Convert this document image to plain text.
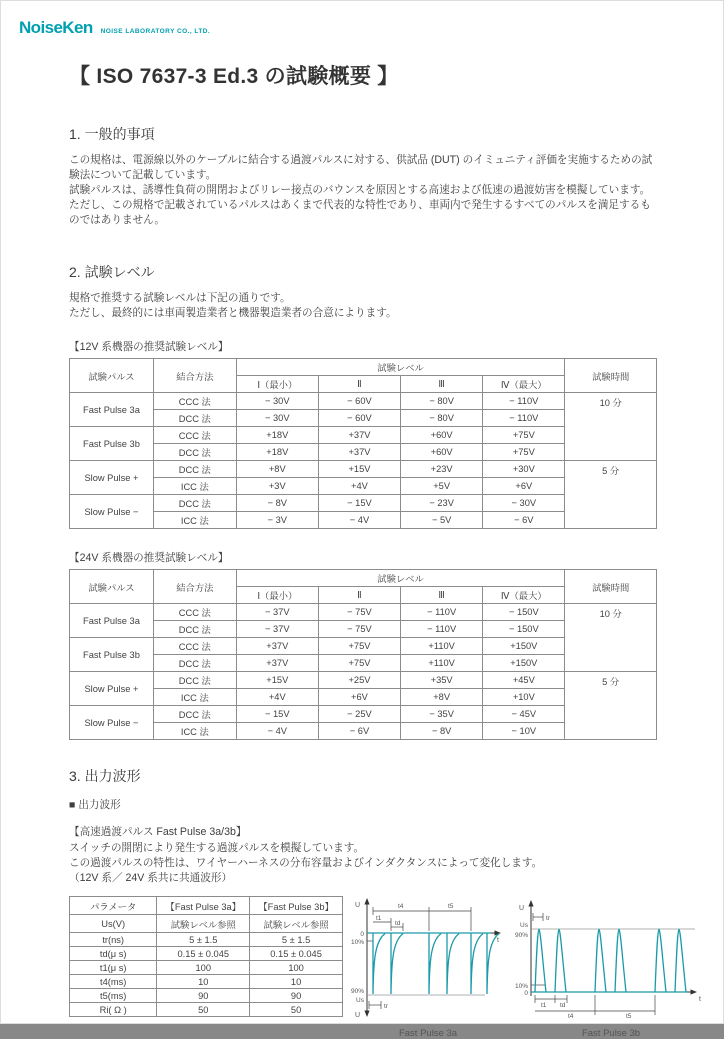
NoiseKen NOISE LABORATORY CO., LTD.
【 ISO 7637-3 Ed.3 の試験概要 】
1. 一般的事項

この規格は、電源線以外のケーブルに結合する過渡パルスに対する、供試品 (DUT) のイミュニティ評価を実施するための試験法について記載しています。

試験パルスは、誘導性負荷の開閉およびリレー接点のバウンスを原因とする高速および低速の過渡妨害を模擬しています。

ただし、この規格で記載されているパルスはあくまで代表的な特性であり、車両内で発生するすべてのパルスを満足するものではありません。

2. 試験レベル

規格で推奨する試験レベルは下記の通りです。

ただし、最終的には車両製造業者と機器製造業者の合意によります。

【12V 系機器の推奨試験レベル】
試験パルス	結合方法	試験レベル				試験時間
		Ⅰ（最小）	Ⅱ	Ⅲ	Ⅳ（最大）	
Fast Pulse 3a	CCC 法	− 30V	− 60V	− 80V	− 110V	10 分
	DCC 法	− 30V	− 60V	− 80V	− 110V	
Fast Pulse 3b	CCC 法	+18V	+37V	+60V	+75V	
	DCC 法	+18V	+37V	+60V	+75V	
Slow Pulse +	DCC 法	+8V	+15V	+23V	+30V	5 分
	ICC 法	+3V	+4V	+5V	+6V	
Slow Pulse −	DCC 法	− 8V	− 15V	− 23V	− 30V	
	ICC 法	− 3V	− 4V	− 5V	− 6V	
【24V 系機器の推奨試験レベル】
試験パルス	結合方法	試験レベル				試験時間
		Ⅰ（最小）	Ⅱ	Ⅲ	Ⅳ（最大）	
Fast Pulse 3a	CCC 法	− 37V	− 75V	− 110V	− 150V	10 分
	DCC 法	− 37V	− 75V	− 110V	− 150V	
Fast Pulse 3b	CCC 法	+37V	+75V	+110V	+150V	
	DCC 法	+37V	+75V	+110V	+150V	
Slow Pulse +	DCC 法	+15V	+25V	+35V	+45V	5 分
	ICC 法	+4V	+6V	+8V	+10V	
Slow Pulse −	DCC 法	− 15V	− 25V	− 35V	− 45V	
	ICC 法	− 4V	− 6V	− 8V	− 10V	
3. 出力波形

■ 出力波形

【高速過渡パルス Fast Pulse 3a/3b】

スイッチの開閉により発生する過渡パルスを模擬しています。

この過渡パルスの特性は、ワイヤーハーネスの分布容量およびインダクタンスによって変化します。

（12V 系／ 24V 系共に共通波形）

パラメータ	【Fast Pulse 3a】	【Fast Pulse 3b】
Us(V)	試験レベル参照	試験レベル参照
tr(ns)	5 ± 1.5	5 ± 1.5
td(μ s)	0.15 ± 0.045	0.15 ± 0.045
t1(μ s)	100	100
t4(ms)	10	10
t5(ms)	90	90
Ri( Ω )	50	50
U
U
t
0
10%
90%
Us
tr
t4	t5
t1
td
Fast Pulse 3a
U
tr
Us
90%
10%
t
0
t1 td
t4	t5
Fast Pulse 3b
